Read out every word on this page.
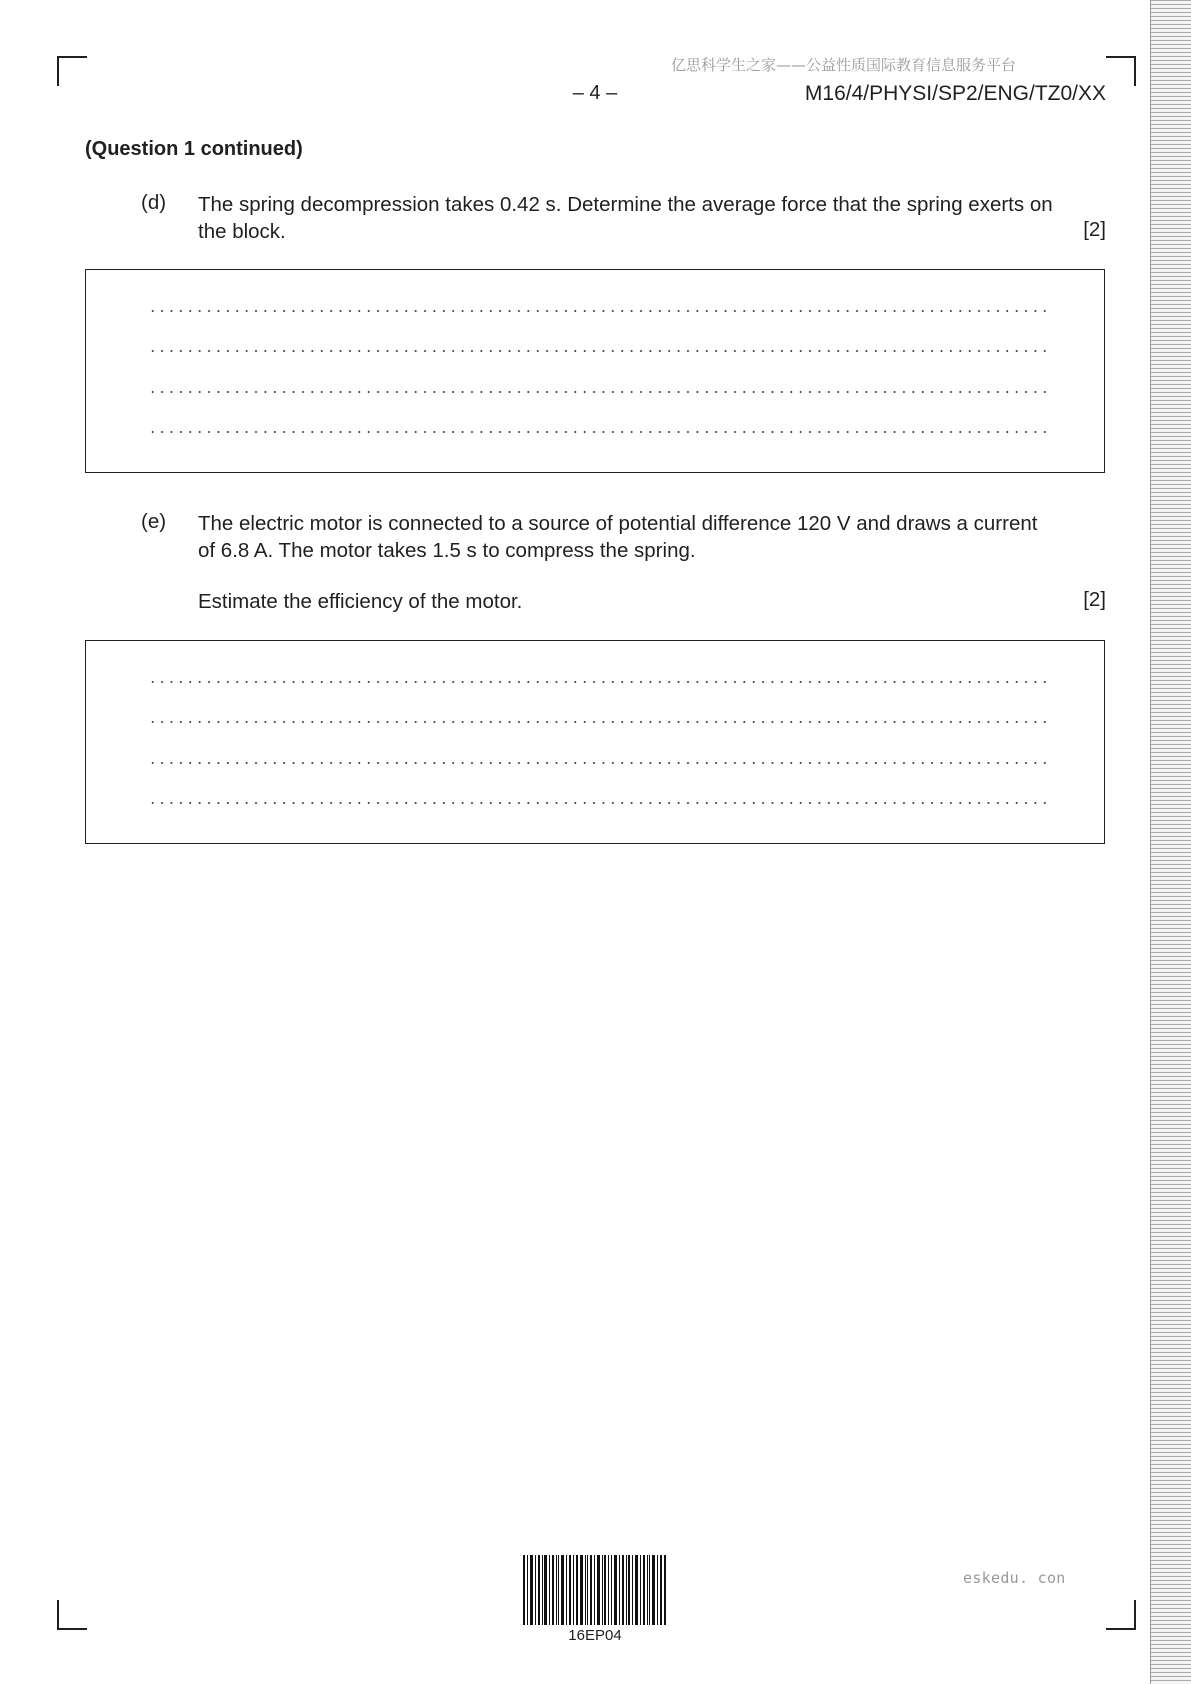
亿思科学生之家——公益性质国际教育信息服务平台
– 4 –	M16/4/PHYSI/SP2/ENG/TZ0/XX
(Question 1 continued)
(d) The spring decompression takes 0.42 s. Determine the average force that the spring exerts on the block.	[2]
(e) The electric motor is connected to a source of potential difference 120 V and draws a current of 6.8 A. The motor takes 1.5 s to compress the spring.
Estimate the efficiency of the motor.	[2]
16EP04
eskedu. con
